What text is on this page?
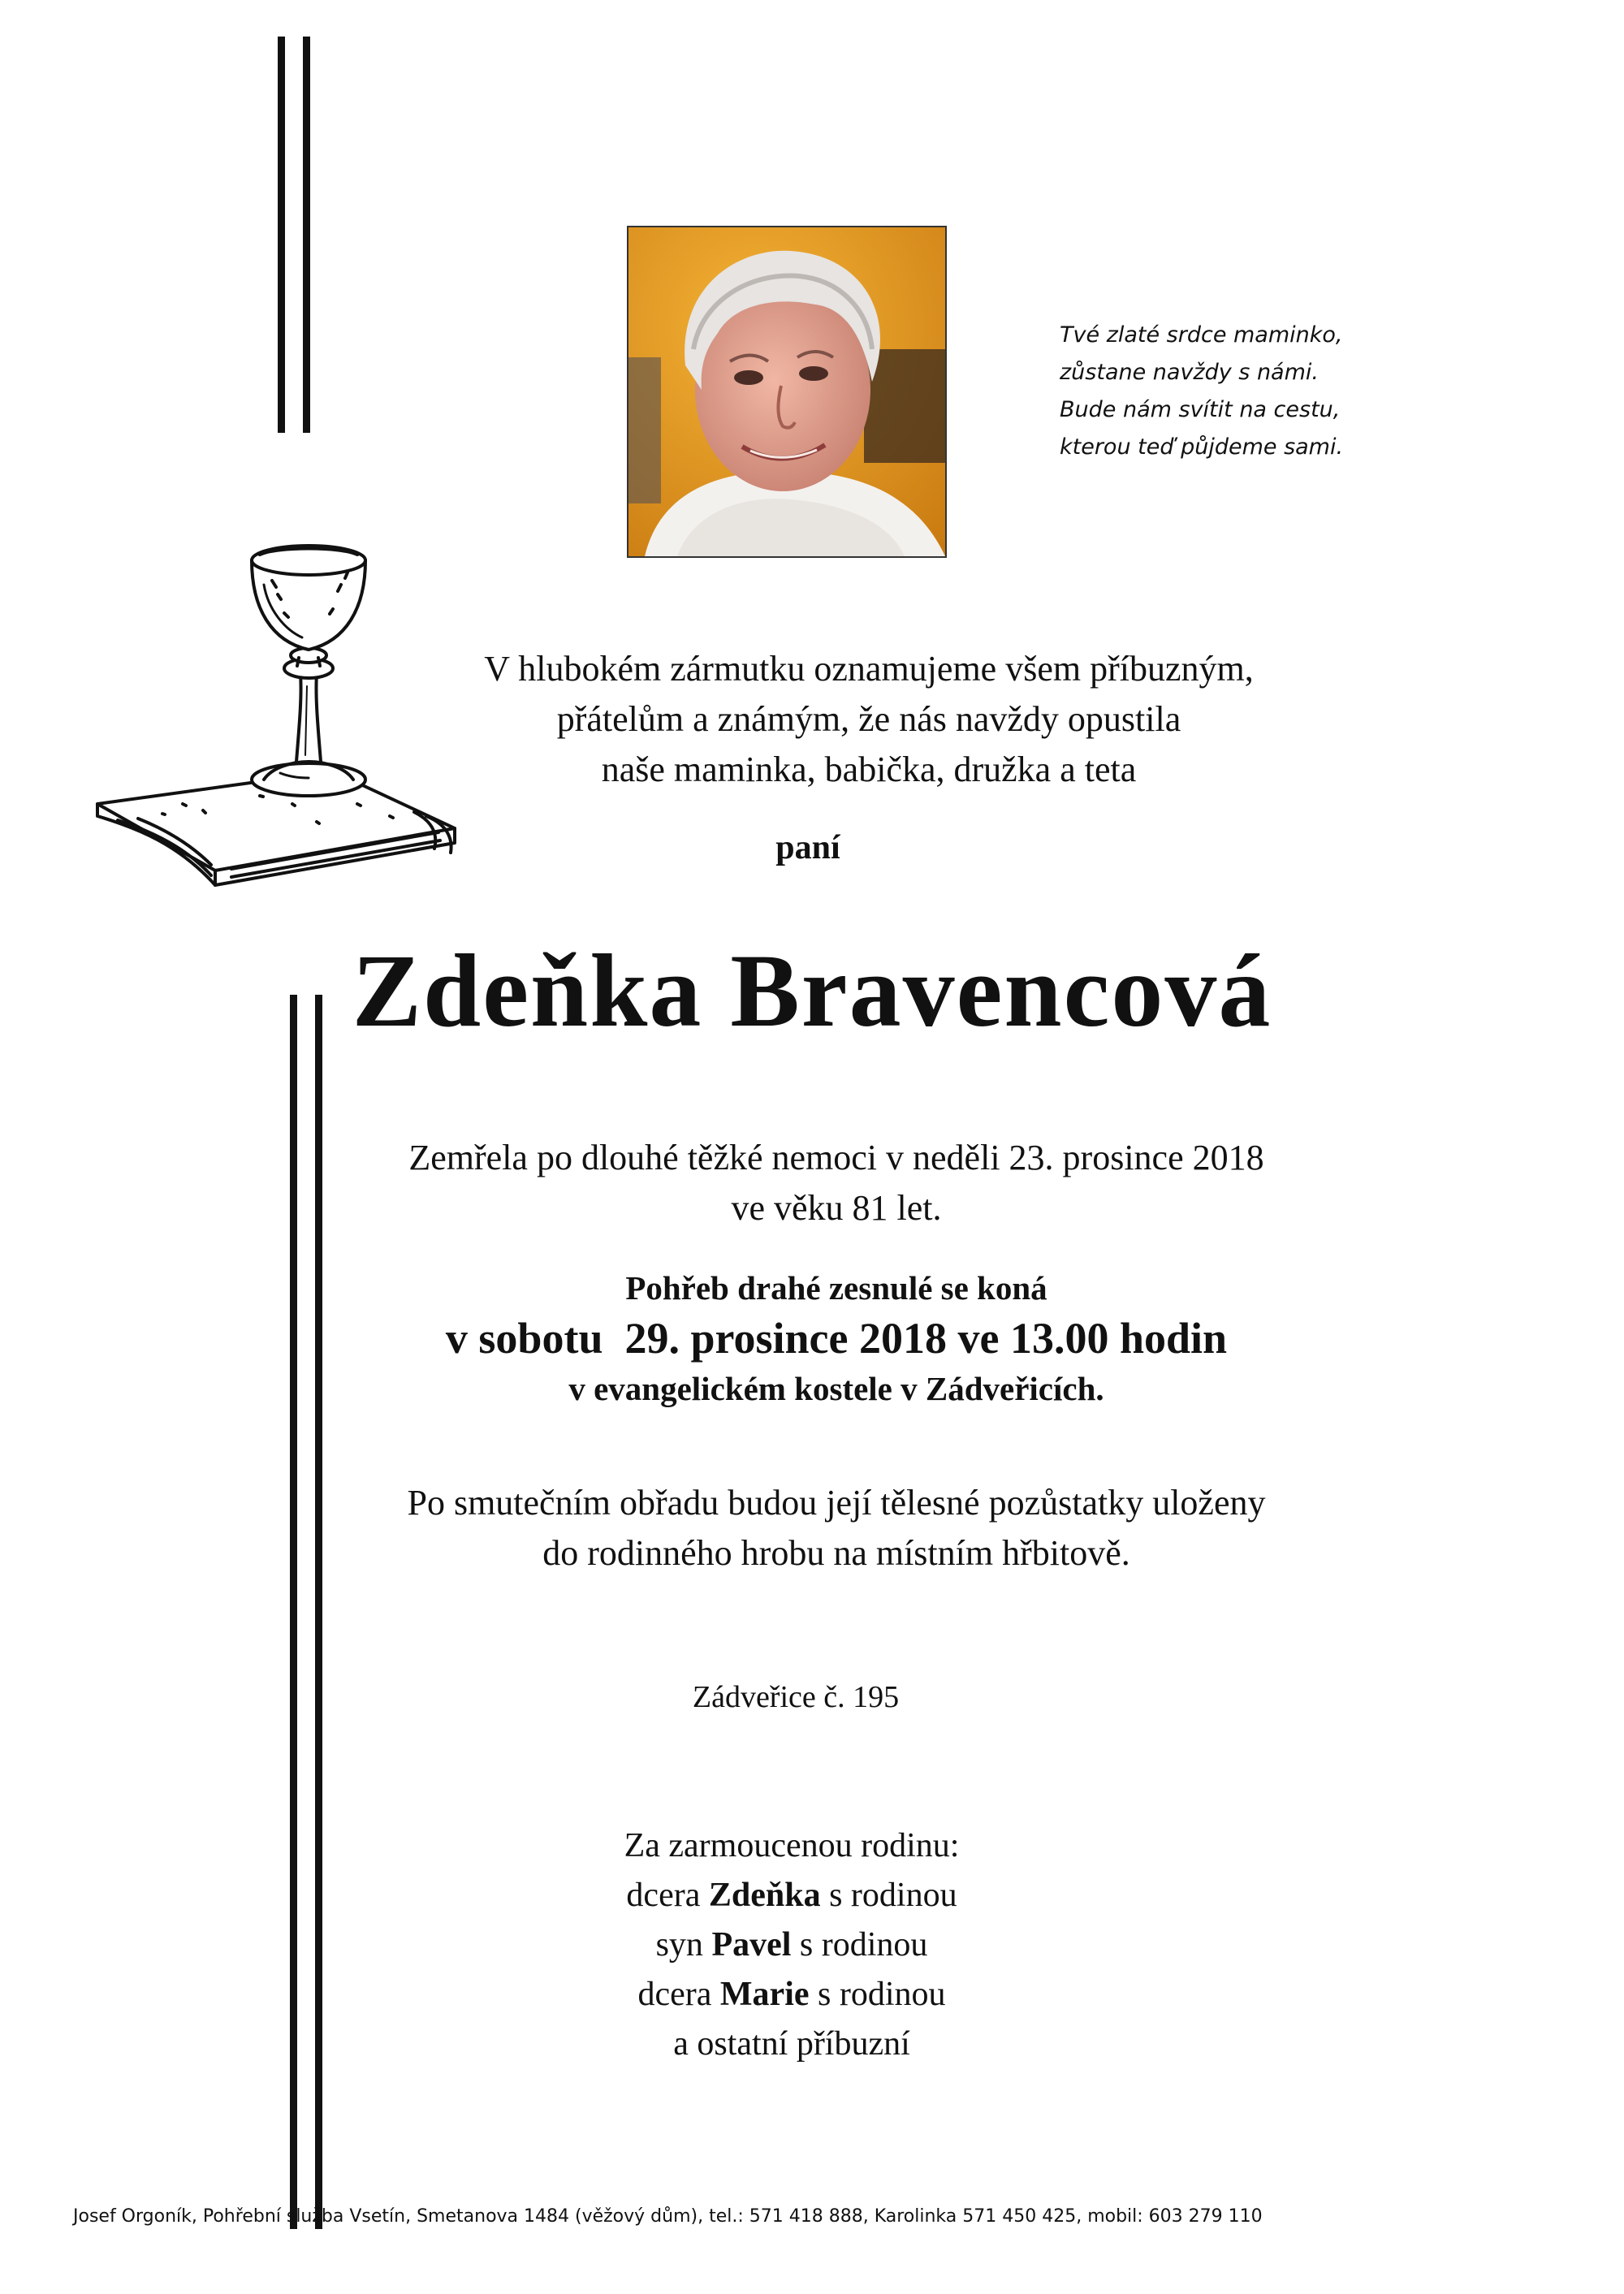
Tvé zlaté srdce maminko,
zůstane navždy s námi.
Bude nám svítit na cestu,
kterou teď půjdeme sami.
V hlubokém zármutku oznamujeme všem příbuzným,
přátelům a známým, že nás navždy opustila
naše maminka, babička, družka a teta
paní
Zdeňka Bravencová
Zemřela po dlouhé těžké nemoci v neděli 23. prosince 2018
ve věku 81 let.
Pohřeb drahé zesnulé se koná
v sobotu  29. prosince 2018 ve 13.00 hodin
v evangelickém kostele v Zádveřicích.
Po smutečním obřadu budou její tělesné pozůstatky uloženy
do rodinného hrobu na místním hřbitově.
Zádveřice č. 195
Za zarmoucenou rodinu:
dcera Zdeňka s rodinou
syn Pavel s rodinou
dcera Marie s rodinou
a ostatní příbuzní
Josef Orgoník, Pohřební služba Vsetín, Smetanova 1484 (věžový dům), tel.: 571 418 888, Karolinka 571 450 425, mobil: 603 279 110
